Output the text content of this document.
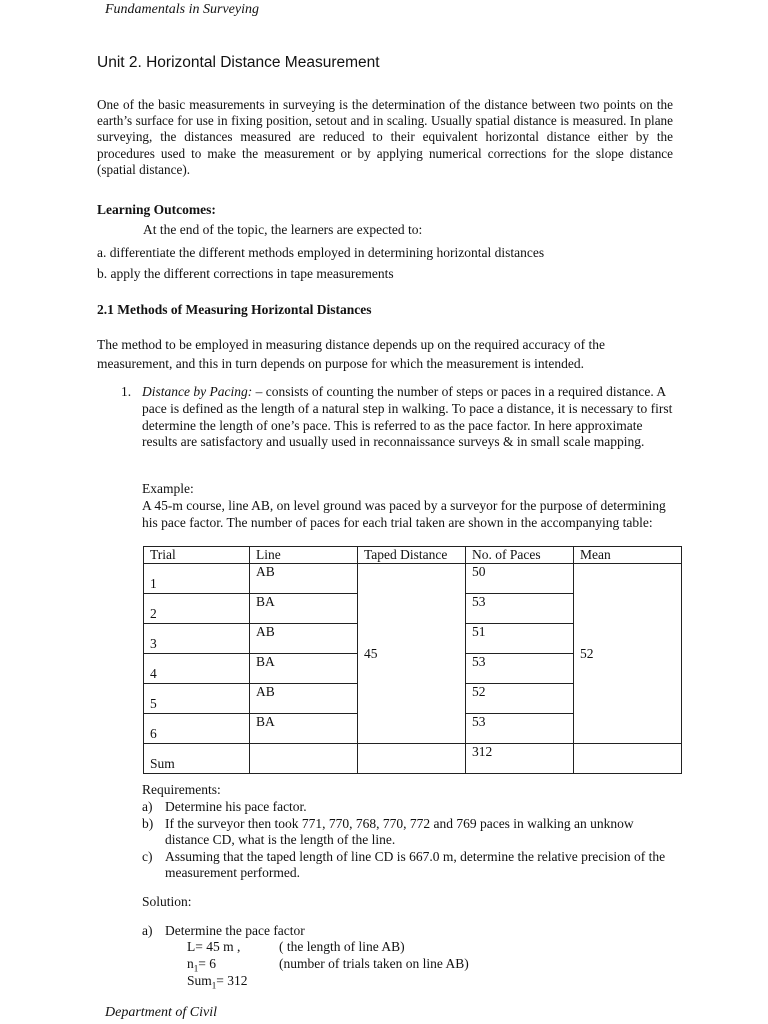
Fundamentals in Surveying
Unit 2. Horizontal Distance Measurement
One of the basic measurements in surveying is the determination of the distance between two points on the earth’s surface for use in fixing position, setout and in scaling. Usually spatial distance is measured. In plane surveying, the distances measured are reduced to their equivalent horizontal distance either by the procedures used to make the measurement or by applying numerical corrections for the slope distance (spatial distance).
Learning Outcomes:
At the end of the topic, the learners are expected to:
a. differentiate the different methods employed in determining horizontal distances
b. apply the different corrections in tape measurements
2.1 Methods of Measuring Horizontal Distances
The method to be employed in measuring distance depends up on the required accuracy of the measurement, and this in turn depends on purpose for which the measurement is intended.
1. Distance by Pacing: – consists of counting the number of steps or paces in a required distance. A pace is defined as the length of a natural step in walking. To pace a distance, it is necessary to first determine the length of one’s pace. This is referred to as the pace factor. In here approximate results are satisfactory and usually used in reconnaissance surveys & in small scale mapping.
Example:
A 45-m course, line AB, on level ground was paced by a surveyor for the purpose of determining his pace factor. The number of paces for each trial taken are shown in the accompanying table:
Trial	Line	Taped Distance	No. of Paces	Mean
1	AB	45	50	52
2	BA		53	
3	AB		51	
4	BA		53	
5	AB		52	
6	BA		53	
Sum			312	
Requirements:
a) Determine his pace factor.
b) If the surveyor then took 771, 770, 768, 770, 772 and 769 paces in walking an unknow distance CD, what is the length of the line.
c) Assuming that the taped length of line CD is 667.0 m, determine the relative precision of the measurement performed.
Solution:
a) Determine the pace factor
L= 45 m ,	( the length of line AB)
$n_1= 6$	(number of trials taken on line AB)
Sum$_1$= 312
Department of Civil
